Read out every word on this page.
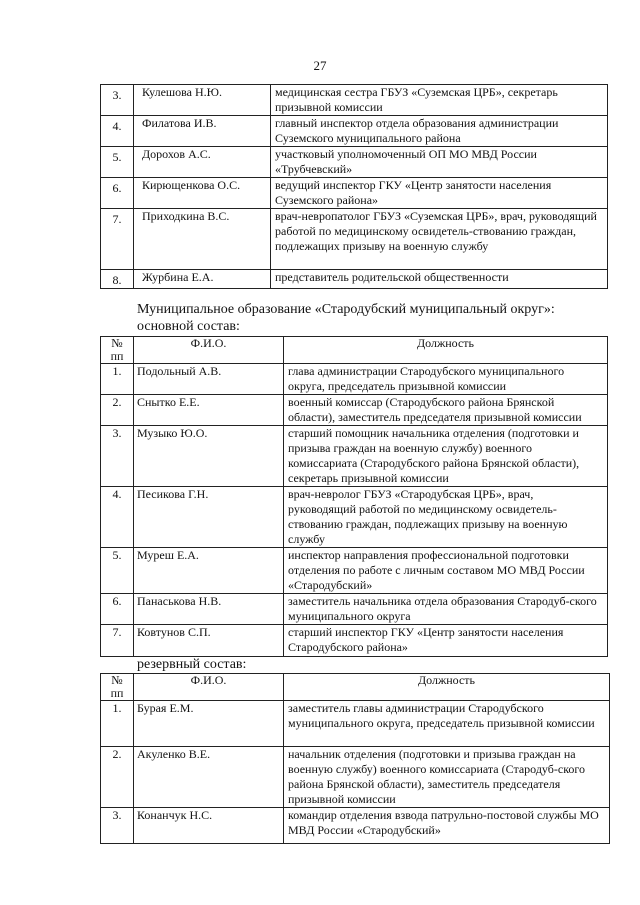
27
3.	Кулешова Н.Ю.	медицинская сестра ГБУЗ «Суземская ЦРБ», секретарь призывной комиссии
4.	Филатова И.В.	главный инспектор отдела образования администрации Суземского муниципального района
5.	Дорохов А.С.	участковый уполномоченный ОП МО МВД России «Трубчевский»
6.	Кирющенкова О.С.	ведущий инспектор ГКУ «Центр занятости населения Суземского района»
7.	Приходкина В.С.	врач-невропатолог ГБУЗ «Суземская ЦРБ», врач, руководящий работой по медицинскому освидетель-ствованию граждан, подлежащих призыву на военную службу
8.	Журбина Е.А.	представитель родительской общественности
Муниципальное образование «Стародубский муниципальный округ»:
основной состав:
№ пп	Ф.И.О.	Должность
1.	Подольный А.В.	глава администрации Стародубского муниципального округа, председатель призывной комиссии
2.	Снытко Е.Е.	военный комиссар (Стародубского района Брянской области), заместитель председателя призывной комиссии
3.	Музыко Ю.О.	старший помощник начальника отделения (подготовки и призыва граждан на военную службу) военного комиссариата (Стародубского района Брянской области), секретарь призывной комиссии
4.	Песикова Г.Н.	врач-невролог ГБУЗ «Стародубская ЦРБ», врач, руководящий работой по медицинскому освидетель-ствованию граждан, подлежащих призыву на военную службу
5.	Муреш Е.А.	инспектор направления профессиональной подготовки отделения по работе с личным составом МО МВД России «Стародубский»
6.	Панаськова Н.В.	заместитель начальника отдела образования Стародуб-ского муниципального округа
7.	Ковтунов С.П.	старший инспектор ГКУ «Центр занятости населения Стародубского района»
резервный состав:
№ пп	Ф.И.О.	Должность
1.	Бурая Е.М.	заместитель главы администрации Стародубского муниципального округа, председатель призывной комиссии
2.	Акуленко В.Е.	начальник отделения (подготовки и призыва граждан на военную службу) военного комиссариата (Стародуб-ского района Брянской области), заместитель председателя призывной комиссии
3.	Конанчук Н.С.	командир отделения взвода патрульно-постовой службы МО МВД России «Стародубский»
